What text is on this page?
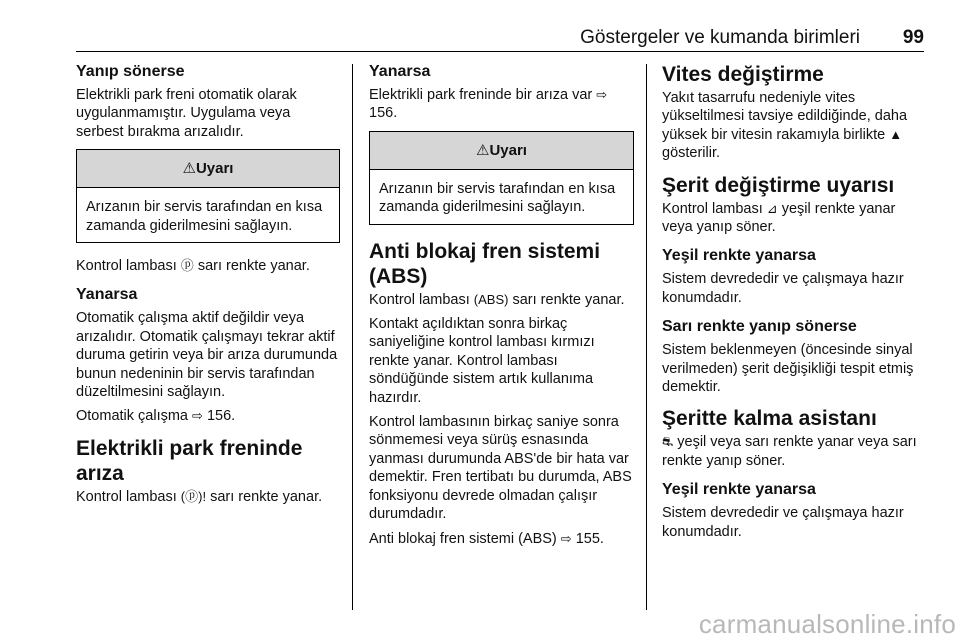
Göstergeler ve kumanda birimleri 99
Yanıp sönerse

Elektrikli park freni otomatik olarak uygulanmamıştır. Uygulama veya serbest bırakma arızalıdır.

⚠Uyarı
Arızanın bir servis tarafından en kısa zamanda giderilmesini sağlayın.

Kontrol lambası ⓟ sarı renkte yanar.

Yanarsa

Otomatik çalışma aktif değildir veya arızalıdır. Otomatik çalışmayı tekrar aktif duruma getirin veya bir arıza durumunda bunun nedeninin bir servis tarafından düzeltilmesini sağlayın.

Otomatik çalışma ⇨ 156.

Elektrikli park freninde arıza

Kontrol lambası (ⓟ)! sarı renkte yanar.

Yanarsa

Elektrikli park freninde bir arıza var ⇨ 156.

⚠Uyarı
Arızanın bir servis tarafından en kısa zamanda giderilmesini sağlayın.
Anti blokaj fren sistemi (ABS)

Kontrol lambası (ABS) sarı renkte yanar.

Kontakt açıldıktan sonra birkaç saniyeliğine kontrol lambası kırmızı renkte yanar. Kontrol lambası söndüğünde sistem artık kullanıma hazırdır.

Kontrol lambasının birkaç saniye sonra sönmemesi veya sürüş esnasında yanması durumunda ABS'de bir hata var demektir. Fren tertibatı bu durumda, ABS fonksiyonu devrede olmadan çalışır durumdadır.

Anti blokaj fren sistemi (ABS) ⇨ 155.

Vites değiştirme

Yakıt tasarrufu nedeniyle vites yükseltilmesi tavsiye edildiğinde, daha yüksek bir vitesin rakamıyla birlikte ▲ gösterilir.

Şerit değiştirme uyarısı

Kontrol lambası ⊿ yeşil renkte yanar veya yanıp söner.

Yeşil renkte yanarsa

Sistem devrededir ve çalışmaya hazır konumdadır.

Sarı renkte yanıp sönerse

Sistem beklenmeyen (öncesinde sinyal verilmeden) şerit değişikliği tespit etmiş demektir.

Şeritte kalma asistanı

⛐ yeşil veya sarı renkte yanar veya sarı renkte yanıp söner.

Yeşil renkte yanarsa

Sistem devrededir ve çalışmaya hazır konumdadır.

carmanualsonline.info
